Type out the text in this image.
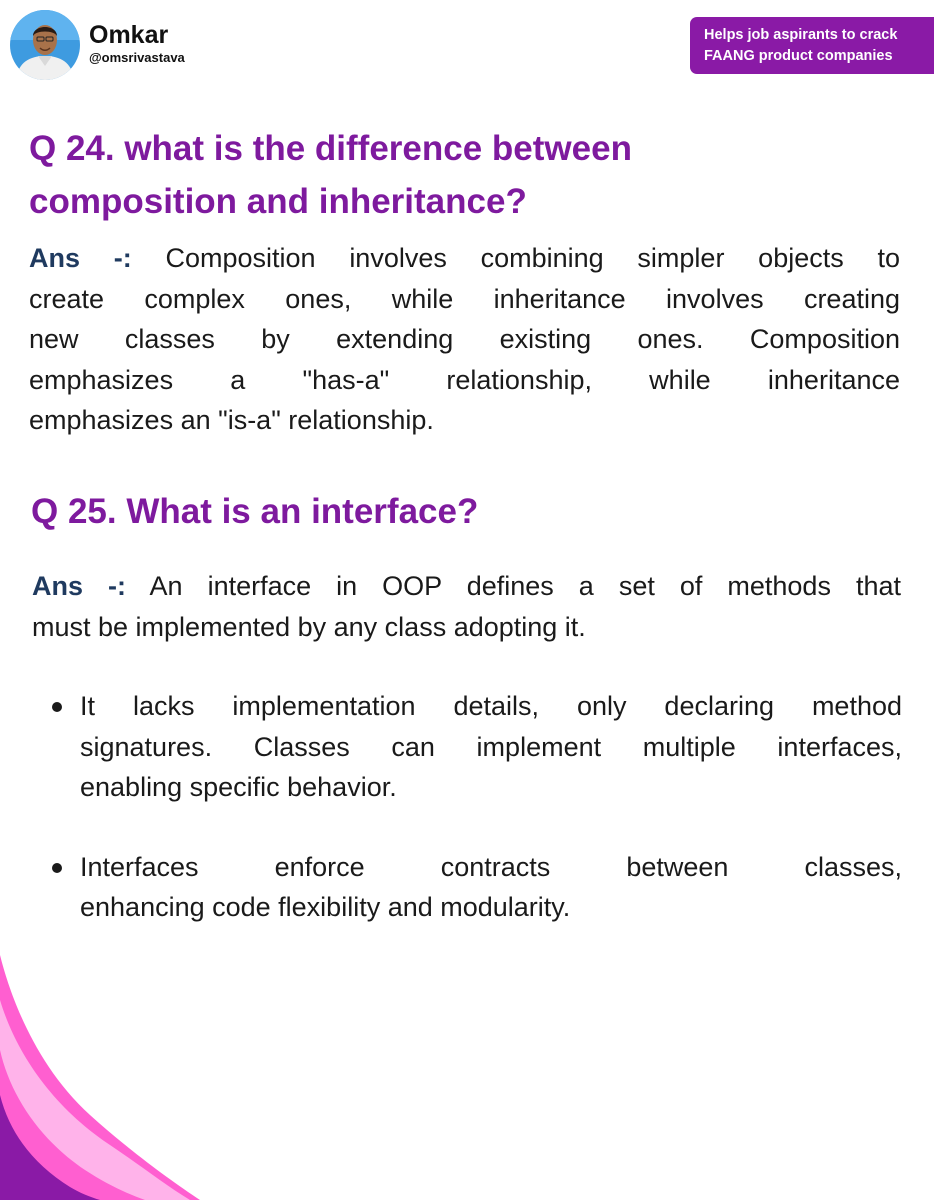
Omkar
@omsrivastava
Helps job aspirants to crack
FAANG product companies
Q 24. what is the difference between
composition and inheritance?
Ans -: Composition involves combining simpler objects to
create complex ones, while inheritance involves creating
new classes by extending existing ones. Composition
emphasizes a "has-a" relationship, while inheritance
emphasizes an "is-a" relationship.
Q 25. What is an interface?
Ans -: An interface in OOP defines a set of methods that
must be implemented by any class adopting it.
It lacks implementation details, only declaring method
signatures. Classes can implement multiple interfaces,
enabling specific behavior.
Interfaces enforce contracts between classes,
enhancing code flexibility and modularity.
